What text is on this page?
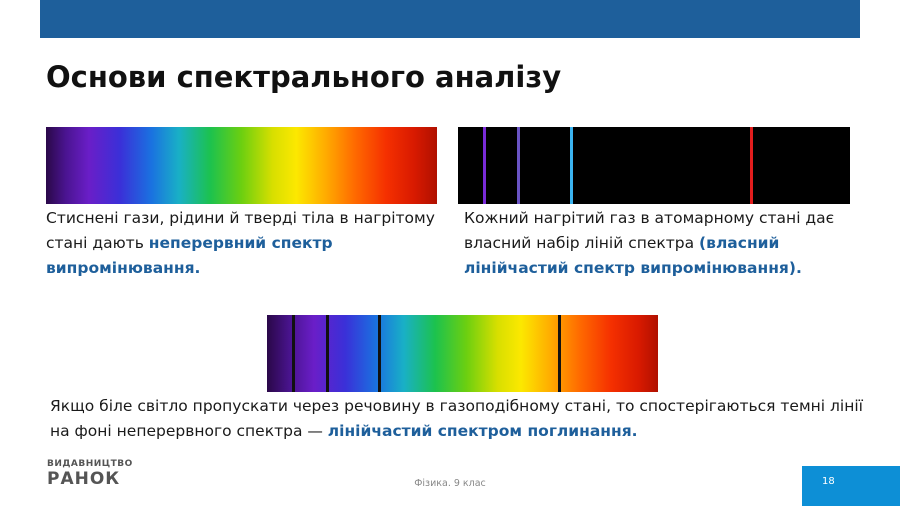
Основи спектрального аналізу

Стиснені гази, рідини й тверді тіла в нагрітому стані дають неперервний спектр випромінювання.

Кожний нагрітий газ в атомарному стані дає власний набір ліній спектра (власний лінійчастий спектр випромінювання).

Якщо біле світло пропускати через речовину в газоподібному стані, то спостерігаються темні лінії на фоні неперервного спектра — лінійчастий спектром поглинання.

ВИДАВНИЦТВО
РАНОК	Фізика. 9 клас	18
